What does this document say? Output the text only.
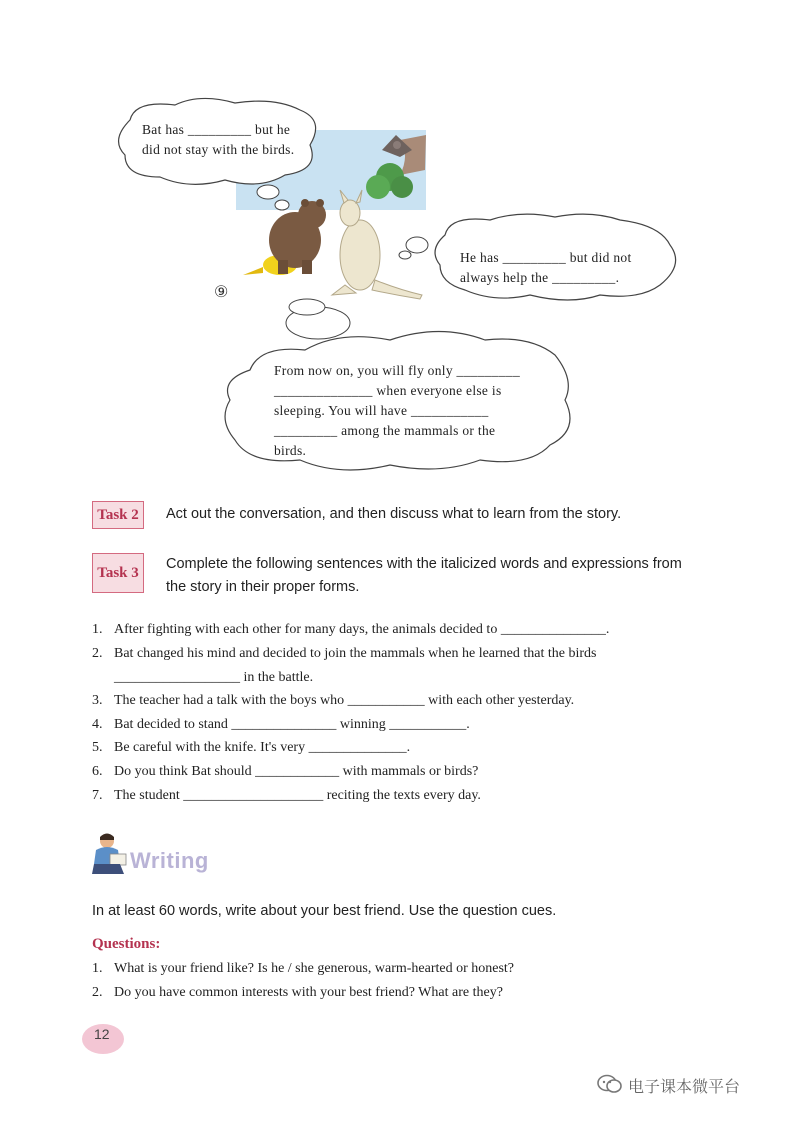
Bat has _________ but he
did not stay with the birds.
He has _________ but did not
always help the _________.
From now on, you will fly only _________
______________ when everyone else is
sleeping. You will have ___________
_________ among the mammals or the
birds.
⑨
Task 2	Act out the conversation, and then discuss what to learn from the story.
Task 3
Complete the following sentences with the italicized words and expressions from
the story in their proper forms.
1. After fighting with each other for many days, the animals decided to _______________.
2. Bat changed his mind and decided to join the mammals when he learned that the birds
__________________ in the battle.
3. The teacher had a talk with the boys who ___________ with each other yesterday.
4. Bat decided to stand _______________ winning ___________.
5. Be careful with the knife. It's very ______________.
6. Do you think Bat should ____________ with mammals or birds?
7. The student ____________________ reciting the texts every day.
Writing
In at least 60 words, write about your best friend. Use the question cues.
Questions:
1. What is your friend like? Is he / she generous, warm-hearted or honest?
2. Do you have common interests with your best friend? What are they?
12
电子课本微平台
